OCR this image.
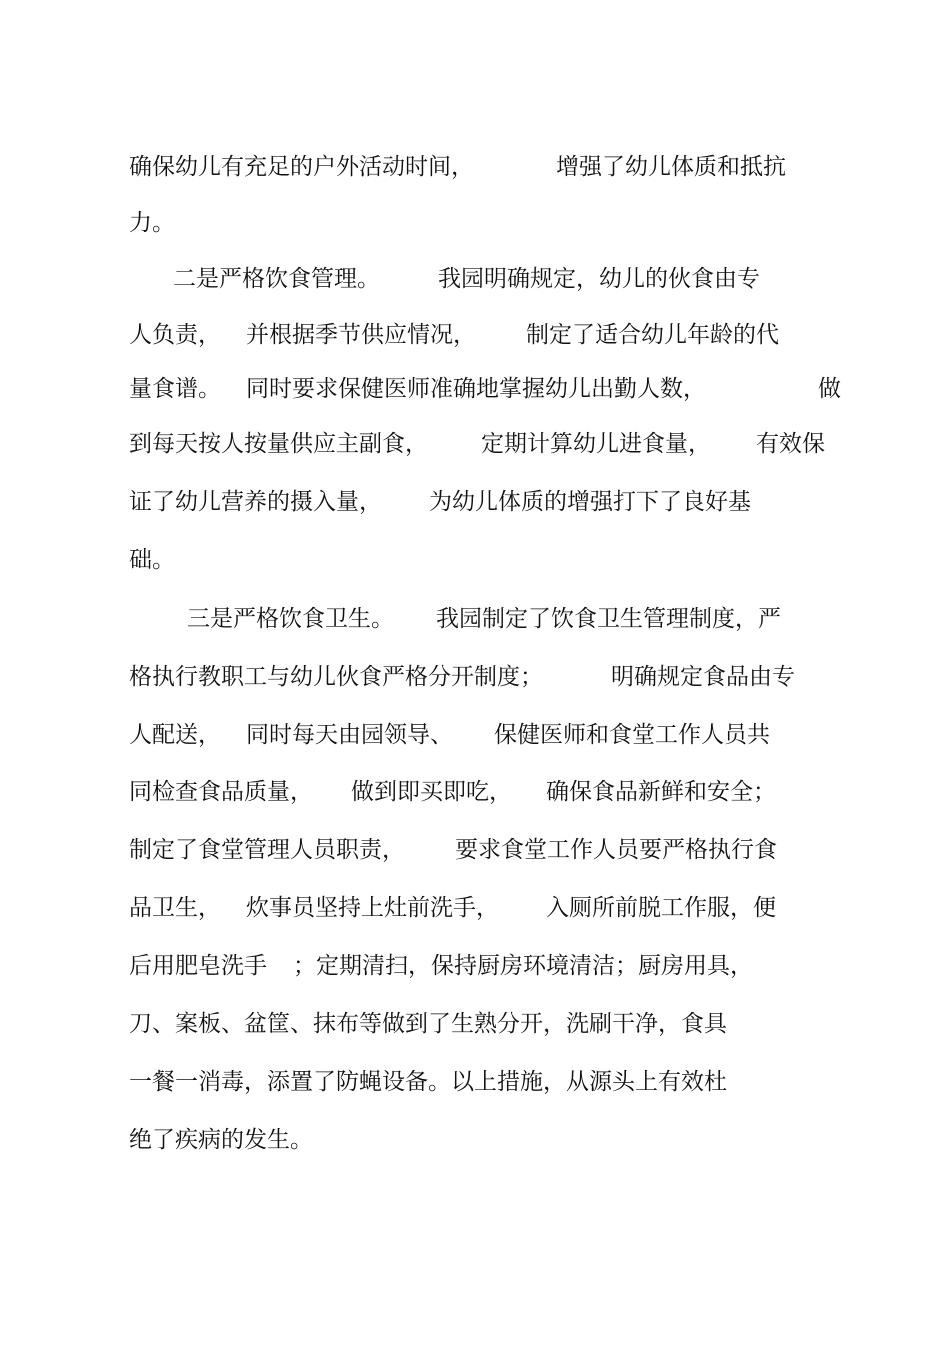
确保幼儿有充足的户外活动时间，

	增强了幼儿体质和抵抗

力。

二是严格饮食管理。

	我园明确规定，幼儿的伙食由专

人负责，

并根据季节供应情况，

制定了适合幼儿年龄的代

量食谱。

同时要求保健医师准确地掌握幼儿出勤人数，

	做

到每天按人按量供应主副食，

定期计算幼儿进食量，

有效保

证了幼儿营养的摄入量，

为幼儿体质的增强打下了良好基

础。

三是严格饮食卫生。

我园制定了饮食卫生管理制度，严

格执行教职工与幼儿伙食严格分开制度；

	明确规定食品由专

人配送，

同时每天由园领导、

保健医师和食堂工作人员共

同检查食品质量，

做到即买即吃，

确保食品新鲜和安全；

制定了食堂管理人员职责，

要求食堂工作人员要严格执行食

品卫生，

炊事员坚持上灶前洗手，

入厕所前脱工作服，便

后用肥皂洗手

；定期清扫，保持厨房环境清洁；厨房用具，

刀、案板、盆筐、抹布等做到了生熟分开，洗刷干净，食具

一餐一消毒，添置了防蝇设备。以上措施，从源头上有效杜

绝了疾病的发生。
